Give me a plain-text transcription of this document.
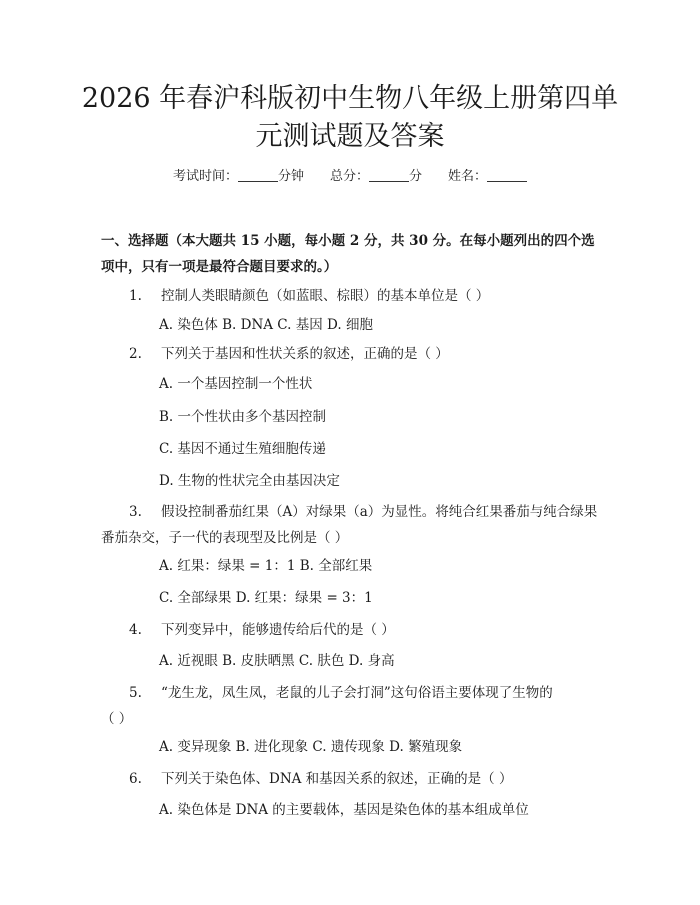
2026 年春沪科版初中生物八年级上册第四单
元测试题及答案
考试时间：	分钟 总分：	分 姓名：
一、选择题（本大题共 15 小题，每小题 2 分，共 30 分。在每小题列出的四个选
项中，只有一项是最符合题目要求的。）
1. 控制人类眼睛颜色（如蓝眼、棕眼）的基本单位是（ ）
A. 染色体 B. DNA C. 基因 D. 细胞
2. 下列关于基因和性状关系的叙述，正确的是（ ）
A. 一个基因控制一个性状
B. 一个性状由多个基因控制
C. 基因不通过生殖细胞传递
D. 生物的性状完全由基因决定
3. 假设控制番茄红果（A）对绿果（a）为显性。将纯合红果番茄与纯合绿果
番茄杂交，子一代的表现型及比例是（ ）
A. 红果：绿果 = 1：1 B. 全部红果
C. 全部绿果 D. 红果：绿果 = 3：1
4. 下列变异中，能够遗传给后代的是（ ）
A. 近视眼 B. 皮肤晒黑 C. 肤色 D. 身高
5. “龙生龙，凤生凤，老鼠的儿子会打洞”这句俗语主要体现了生物的
（ ）
A. 变异现象 B. 进化现象 C. 遗传现象 D. 繁殖现象
6. 下列关于染色体、DNA 和基因关系的叙述，正确的是（ ）
A. 染色体是 DNA 的主要载体，基因是染色体的基本组成单位
